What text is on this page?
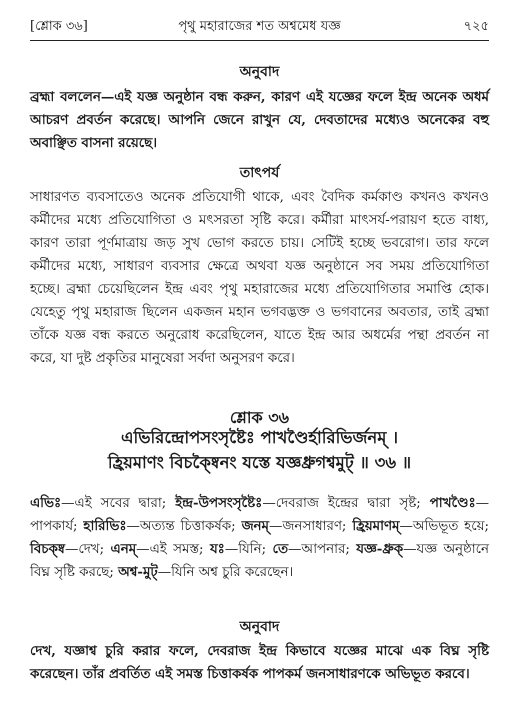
[শ্লোক ৩৬]	পৃথু মহারাজের শত অশ্বমেধ যজ্ঞ	৭২৫
অনুবাদ
ব্রহ্মা বললেন—এই যজ্ঞ অনুষ্ঠান বন্ধ করুন, কারণ এই যজ্ঞের ফলে ইন্দ্র অনেক অধর্ম আচরণ প্রবর্তন করেছে। আপনি জেনে রাখুন যে, দেবতাদের মধ্যেও অনেকের বহু অবাঞ্ছিত বাসনা রয়েছে।
তাৎপর্য
সাধারণত ব্যবসাতেও অনেক প্রতিযোগী থাকে, এবং বৈদিক কর্মকাণ্ড কখনও কখনও কর্মীদের মধ্যে প্রতিযোগিতা ও মৎসরতা সৃষ্টি করে। কর্মীরা মাৎসর্য-পরায়ণ হতে বাধ্য, কারণ তারা পূর্ণমাত্রায় জড় সুখ ভোগ করতে চায়। সেটিই হচ্ছে ভবরোগ। তার ফলে কর্মীদের মধ্যে, সাধারণ ব্যবসার ক্ষেত্রে অথবা যজ্ঞ অনুষ্ঠানে সব সময় প্রতিযোগিতা হচ্ছে। ব্রহ্মা চেয়েছিলেন ইন্দ্র এবং পৃথু মহারাজের মধ্যে প্রতিযোগিতার সমাপ্তি হোক। যেহেতু পৃথু মহারাজ ছিলেন একজন মহান ভগবদ্ভক্ত ও ভগবানের অবতার, তাই ব্রহ্মা তাঁকে যজ্ঞ বন্ধ করতে অনুরোধ করেছিলেন, যাতে ইন্দ্র আর অধর্মের পন্থা প্রবর্তন না করে, যা দুষ্ট প্রকৃতির মানুষেরা সর্বদা অনুসরণ করে।
শ্লোক ৩৬
এভিরিন্দ্রোপসংসৃষ্টৈঃ পাখণ্ডৈর্হারিভির্জনম্ ।
হ্রিয়মাণং বিচক্ষ্বৈনং যস্তে যজ্ঞধ্রুগশ্বমুট্ ॥ ৩৬ ॥
এভিঃ—এই সবের দ্বারা; ইন্দ্র-উপসংসৃষ্টৈঃ—দেবরাজ ইন্দ্রের দ্বারা সৃষ্ট; পাখণ্ডৈঃ—পাপকার্য; হারিভিঃ—অত্যন্ত চিত্তাকর্ষক; জনম্—জনসাধারণ; হ্রিয়মাণম্—অভিভূত হয়ে; বিচক্ষ্ব—দেখ; এনম্—এই সমস্ত; যঃ—যিনি; তে—আপনার; যজ্ঞ-ধ্রুক্—যজ্ঞ অনুষ্ঠানে বিঘ্ন সৃষ্টি করছে; অশ্ব-মুট্—যিনি অশ্ব চুরি করেছেন।
অনুবাদ
দেখ, যজ্ঞাশ্ব চুরি করার ফলে, দেবরাজ ইন্দ্র কিভাবে যজ্ঞের মাঝে এক বিঘ্ন সৃষ্টি করেছেন। তাঁর প্রবর্তিত এই সমস্ত চিত্তাকর্ষক পাপকর্ম জনসাধারণকে অভিভূত করবে।
